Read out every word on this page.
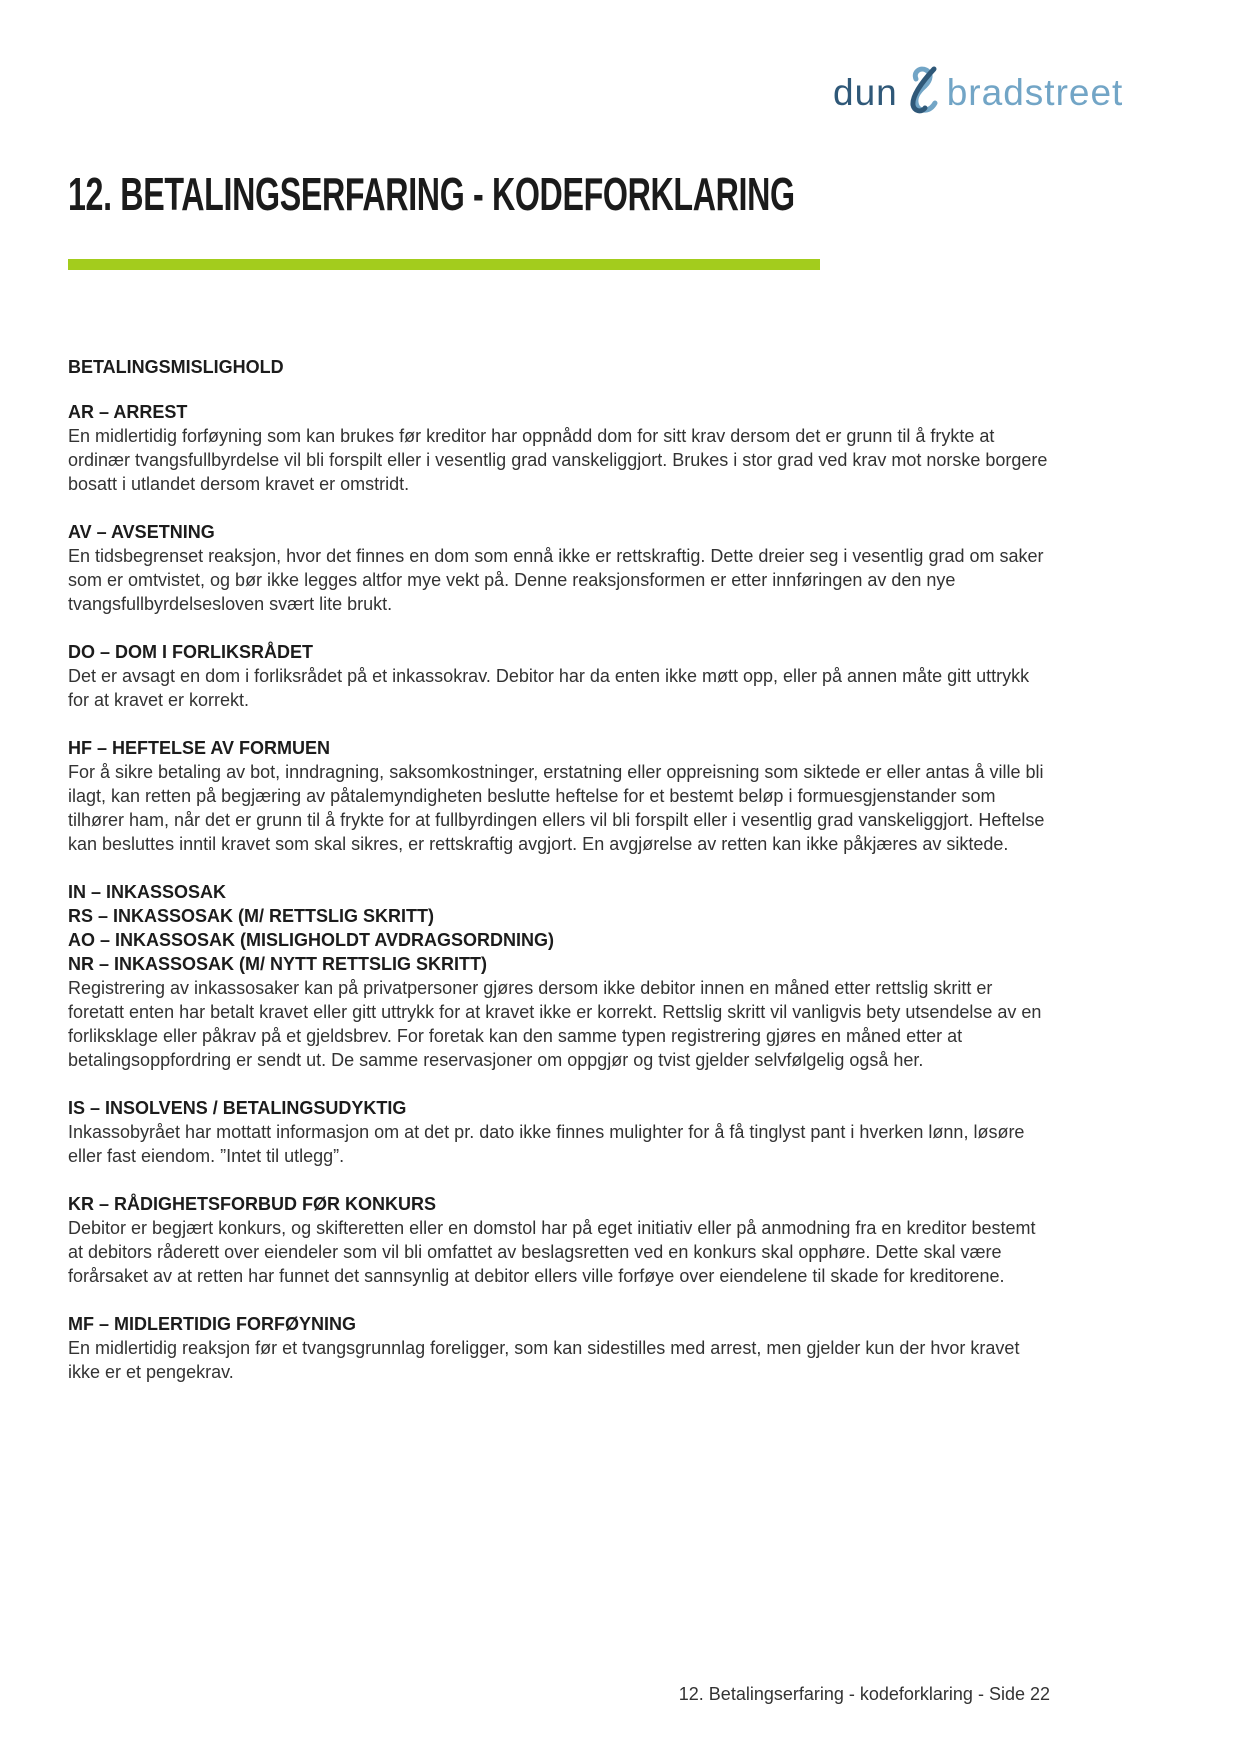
dun bradstreet
12. BETALINGSERFARING - KODEFORKLARING
BETALINGSMISLIGHOLD
AR – ARREST

En midlertidig forføyning som kan brukes før kreditor har oppnådd dom for sitt krav dersom det er grunn til å frykte at ordinær tvangsfullbyrdelse vil bli forspilt eller i vesentlig grad vanskeliggjort. Brukes i stor grad ved krav mot norske borgere bosatt i utlandet dersom kravet er omstridt.

AV – AVSETNING

En tidsbegrenset reaksjon, hvor det finnes en dom som ennå ikke er rettskraftig. Dette dreier seg i vesentlig grad om saker som er omtvistet, og bør ikke legges altfor mye vekt på. Denne reaksjonsformen er etter innføringen av den nye tvangsfullbyrdelsesloven svært lite brukt.

DO – DOM I FORLIKSRÅDET

Det er avsagt en dom i forliksrådet på et inkassokrav. Debitor har da enten ikke møtt opp, eller på annen måte gitt uttrykk for at kravet er korrekt.

HF – HEFTELSE AV FORMUEN

For å sikre betaling av bot, inndragning, saksomkostninger, erstatning eller oppreisning som siktede er eller antas å ville bli ilagt, kan retten på begjæring av påtalemyndigheten beslutte heftelse for et bestemt beløp i formuesgjenstander som tilhører ham, når det er grunn til å frykte for at fullbyrdingen ellers vil bli forspilt eller i vesentlig grad vanskeliggjort. Heftelse kan besluttes inntil kravet som skal sikres, er rettskraftig avgjort. En avgjørelse av retten kan ikke påkjæres av siktede.

IN – INKASSOSAK
RS – INKASSOSAK (M/ RETTSLIG SKRITT)
AO – INKASSOSAK (MISLIGHOLDT AVDRAGSORDNING)
NR – INKASSOSAK (M/ NYTT RETTSLIG SKRITT)

Registrering av inkassosaker kan på privatpersoner gjøres dersom ikke debitor innen en måned etter rettslig skritt er foretatt enten har betalt kravet eller gitt uttrykk for at kravet ikke er korrekt. Rettslig skritt vil vanligvis bety utsendelse av en forliksklage eller påkrav på et gjeldsbrev. For foretak kan den samme typen registrering gjøres en måned etter at betalingsoppfordring er sendt ut. De samme reservasjoner om oppgjør og tvist gjelder selvfølgelig også her.

IS – INSOLVENS / BETALINGSUDYKTIG

Inkassobyrået har mottatt informasjon om at det pr. dato ikke finnes mulighter for å få tinglyst pant i hverken lønn, løsøre eller fast eiendom. ”Intet til utlegg”.

KR – RÅDIGHETSFORBUD FØR KONKURS

Debitor er begjært konkurs, og skifteretten eller en domstol har på eget initiativ eller på anmodning fra en kreditor bestemt at debitors råderett over eiendeler som vil bli omfattet av beslagsretten ved en konkurs skal opphøre. Dette skal være forårsaket av at retten har funnet det sannsynlig at debitor ellers ville forføye over eiendelene til skade for kreditorene.

MF – MIDLERTIDIG FORFØYNING

En midlertidig reaksjon før et tvangsgrunnlag foreligger, som kan sidestilles med arrest, men gjelder kun der hvor kravet ikke er et pengekrav.

12. Betalingserfaring - kodeforklaring - Side 22
